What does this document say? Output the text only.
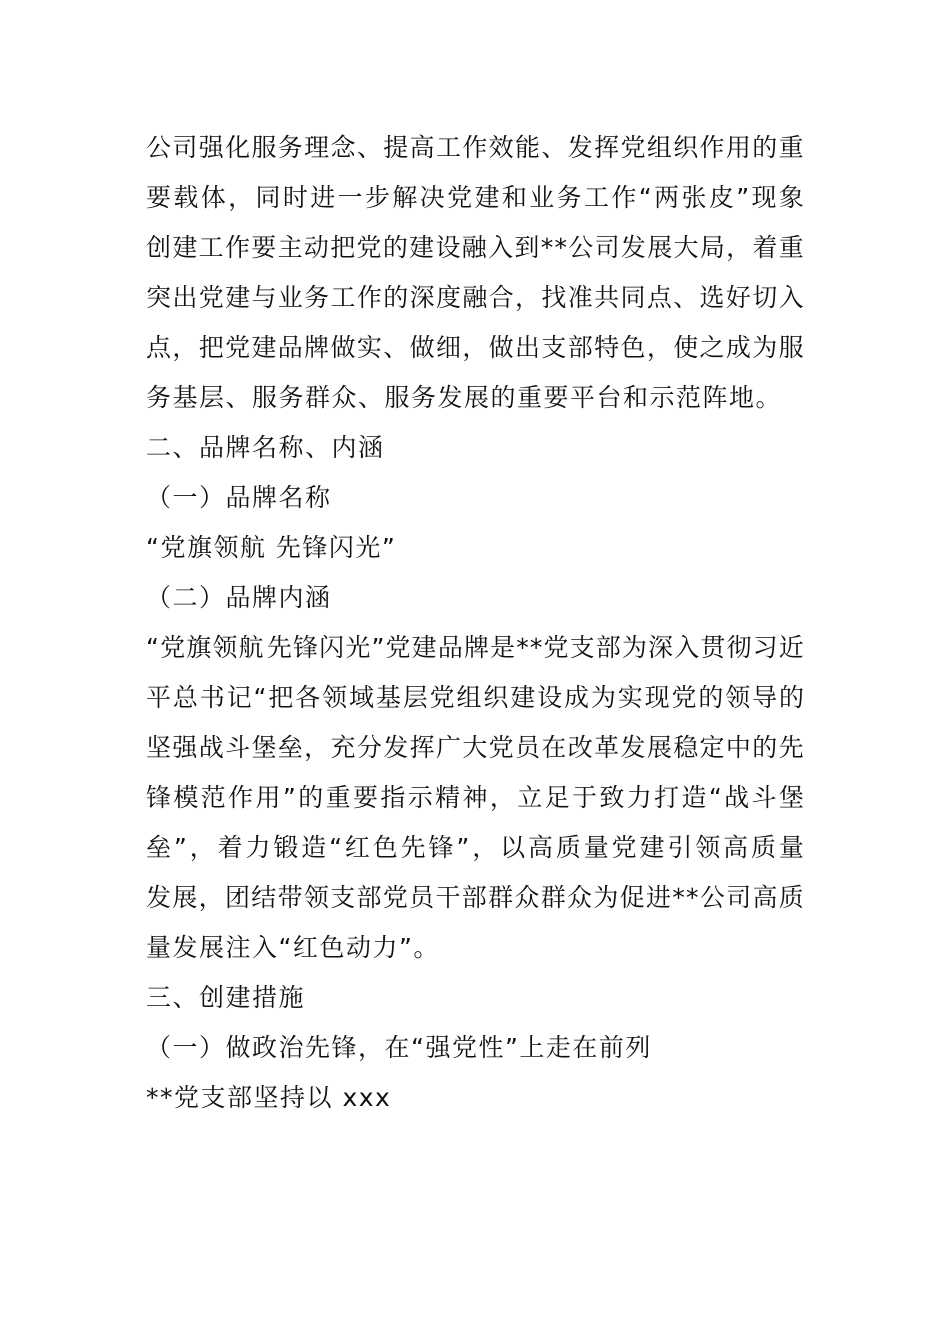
公 司 强 化 服 务 理 念 、 提 高 工 作 效 能 、 发 挥 党 组 织 作 用 的 重
要 载 体 ， 同 时 进 一 步 解 决 党 建 和 业 务 工 作 “ 两 张 皮 ” 现 象
创 建 工 作 要 主 动 把 党 的 建 设 融 入 到 * * 公 司 发 展 大 局 ， 着 重
突 出 党 建 与 业 务 工 作 的 深 度 融 合 ， 找 准 共 同 点 、 选 好 切 入
点 ， 把 党 建 品 牌 做 实 、 做 细 ， 做 出 支 部 特 色 ， 使 之 成 为 服
务基层、服务群众、服务发展的重要平台和示范阵地。
二、品牌名称、内涵
（一）品牌名称
“党旗领航 先锋闪光”
（二）品牌内涵
“ 党 旗 领 航 先 锋 闪 光 ” 党 建 品 牌 是 * * 党 支 部 为 深 入 贯 彻 习 近
平 总 书 记 “ 把 各 领 域 基 层 党 组 织 建 设 成 为 实 现 党 的 领 导 的
坚 强 战 斗 堡 垒 ， 充 分 发 挥 广 大 党 员 在 改 革 发 展 稳 定 中 的 先
锋 模 范 作 用 ” 的 重 要 指 示 精 神 ， 立 足 于 致 力 打 造 “ 战 斗 堡
垒 ” ， 着 力 锻 造 “ 红 色 先 锋 ” ， 以 高 质 量 党 建 引 领 高 质 量
发 展 ， 团 结 带 领 支 部 党 员 干 部 群 众 群 众 为 促 进 * * 公 司 高 质
量发展注入“红色动力”。
三、创建措施
（一）做政治先锋，在“强党性”上走在前列
**党支部坚持以 xxx
